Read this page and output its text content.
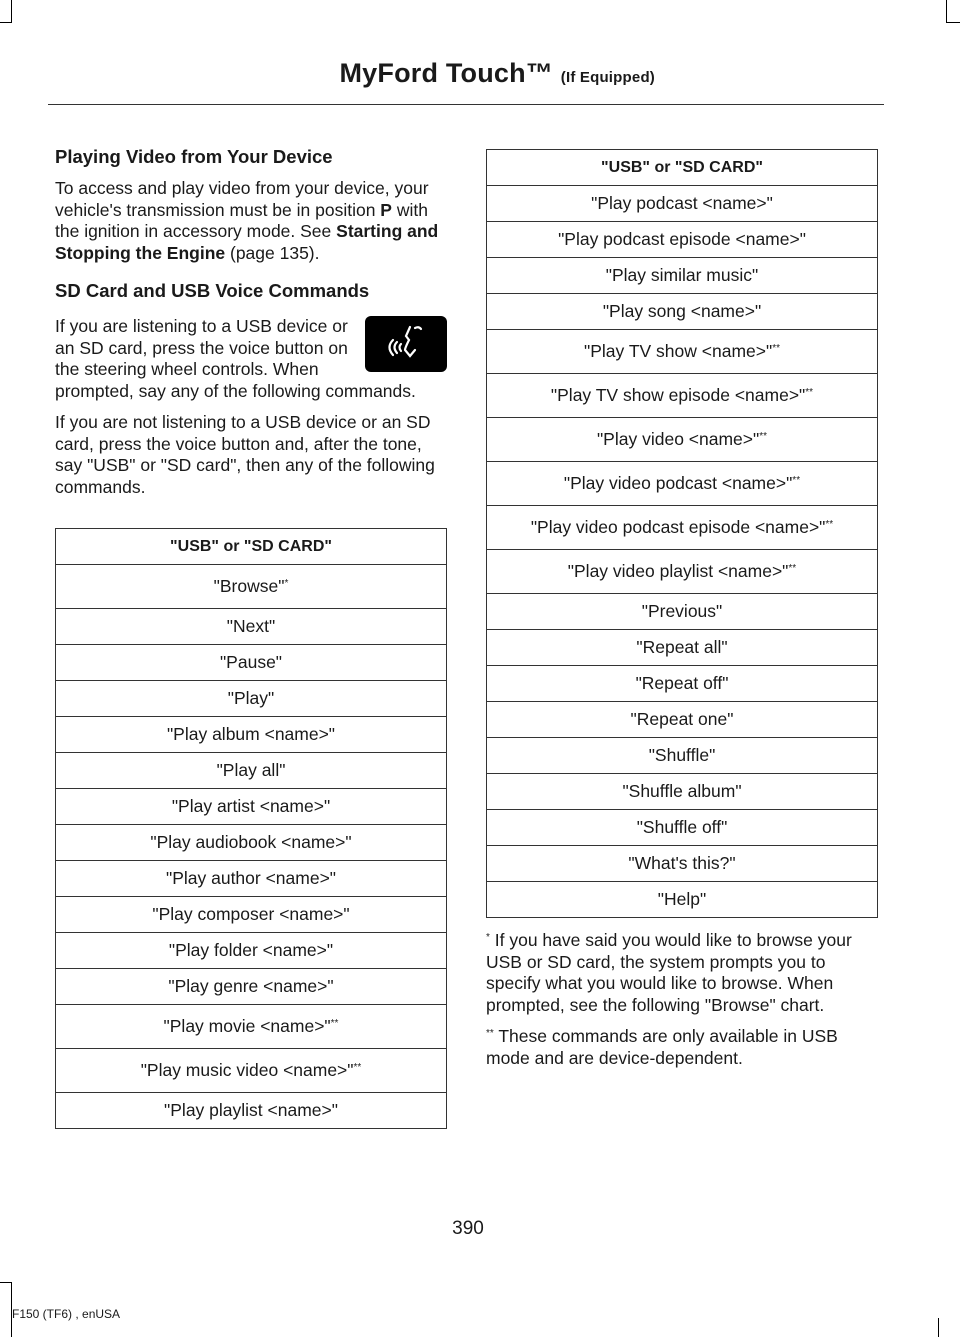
MyFord Touch™ (If Equipped)
Playing Video from Your Device

To access and play video from your device, your vehicle's transmission must be in position P with the ignition in accessory mode. See Starting and Stopping the Engine (page 135).

SD Card and USB Voice Commands

If you are listening to a USB device or an SD card, press the voice button on the steering wheel controls. When prompted, say any of the following commands.

If you are not listening to a USB device or an SD card, press the voice button and, after the tone, say "USB" or "SD card", then any of the following commands.

"USB" or "SD CARD"
"Browse"*
"Next"
"Pause"
"Play"
"Play album <name>"
"Play all"
"Play artist <name>"
"Play audiobook <name>"
"Play author <name>"
"Play composer <name>"
"Play folder <name>"
"Play genre <name>"
"Play movie <name>"**
"Play music video <name>"**
"Play playlist <name>"
"USB" or "SD CARD"
"Play podcast <name>"
"Play podcast episode <name>"
"Play similar music"
"Play song <name>"
"Play TV show <name>"**
"Play TV show episode <name>"**
"Play video <name>"**
"Play video podcast <name>"**
"Play video podcast episode <name>"**
"Play video playlist <name>"**
"Previous"
"Repeat all"
"Repeat off"
"Repeat one"
"Shuffle"
"Shuffle album"
"Shuffle off"
"What's this?"
"Help"
* If you have said you would like to browse your USB or SD card, the system prompts you to specify what you would like to browse. When prompted, see the following "Browse" chart.
** These commands are only available in USB mode and are device-dependent.
390
F150 (TF6) , enUSA
